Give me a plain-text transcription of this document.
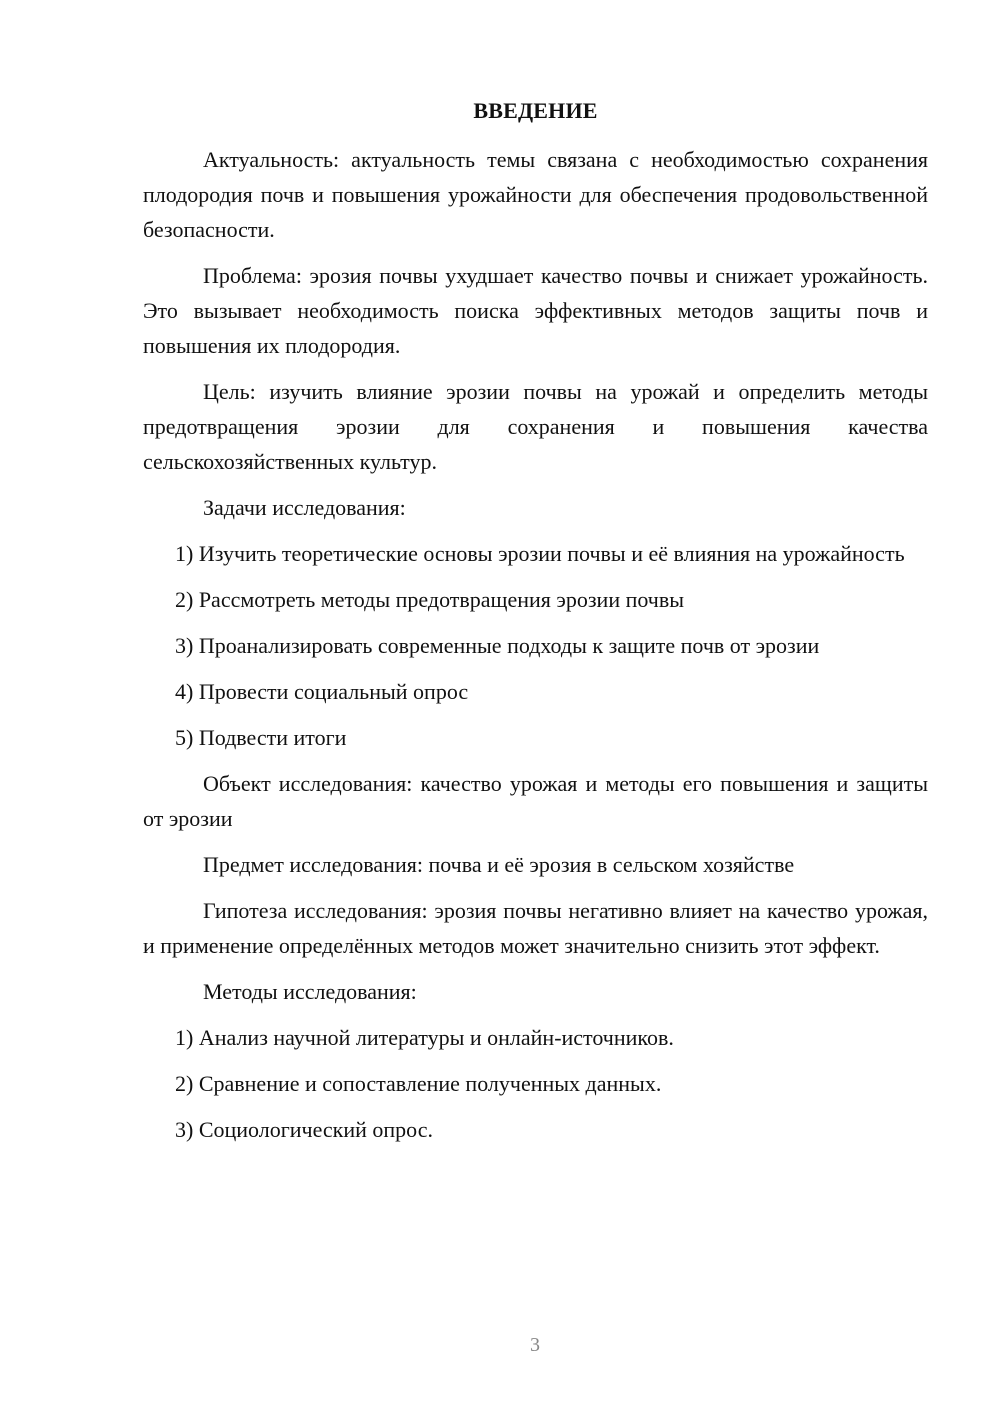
ВВЕДЕНИЕ

Актуальность: актуальность темы связана с необходимостью сохранения плодородия почв и повышения урожайности для обеспечения продовольственной безопасности.

Проблема: эрозия почвы ухудшает качество почвы и снижает урожайность. Это вызывает необходимость поиска эффективных методов защиты почв и повышения их плодородия.

Цель: изучить влияние эрозии почвы на урожай и определить методы предотвращения эрозии для сохранения и повышения качества сельскохозяйственных культур.

Задачи исследования:

1) Изучить теоретические основы эрозии почвы и её влияния на урожайность

2) Рассмотреть методы предотвращения эрозии почвы

3) Проанализировать современные подходы к защите почв от эрозии

4) Провести социальный опрос

5) Подвести итоги

Объект исследования: качество урожая и методы его повышения и защиты от эрозии

Предмет исследования: почва и её эрозия в сельском хозяйстве

Гипотеза исследования: эрозия почвы негативно влияет на качество урожая, и применение определённых методов может значительно снизить этот эффект.

Методы исследования:

1) Анализ научной литературы и онлайн-источников.

2) Сравнение и сопоставление полученных данных.

3) Социологический опрос.

3
